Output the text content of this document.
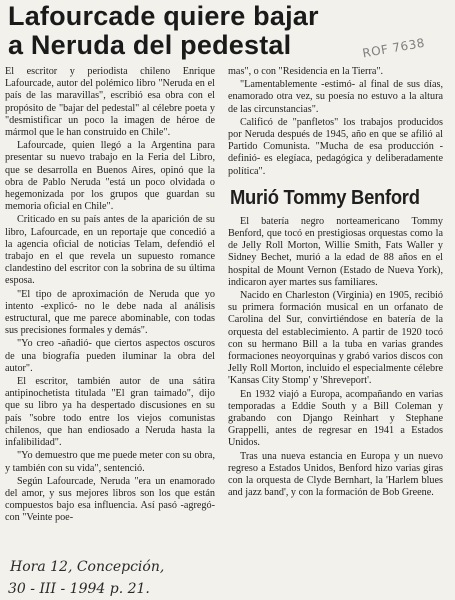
Lafourcade quiere bajar
a Neruda del pedestal	ROF 7638

El escritor y periodista chileno Enrique Lafourcade, autor del polémico libro "Neruda en el país de las maravillas", escribió esa obra con el propósito de "bajar del pedestal" al célebre poeta y "desmistificar un poco la imagen de héroe de mármol que le han construido en Chile".

Lafourcade, quien llegó a la Argentina para presentar su nuevo trabajo en la Feria del Libro, que se desarrolla en Buenos Aires, opinó que la obra de Pablo Neruda "está un poco olvidada o hegemonizada por los grupos que guardan su memoria oficial en Chile".

Criticado en su país antes de la aparición de su libro, Lafourcade, en un reportaje que concedió a la agencia oficial de noticias Telam, defendió el trabajo en el que revela un supuesto romance clandestino del escritor con la sobrina de su última esposa.

"El tipo de aproximación de Neruda que yo intento -explicó- no le debe nada al análisis estructural, que me parece abominable, con todas sus precisiones formales y demás".

"Yo creo -añadió- que ciertos aspectos oscuros de una biografía pueden iluminar la obra del autor".

El escritor, también autor de una sátira antipinochetista titulada "El gran taimado", dijo que su libro ya ha despertado discusiones en su país "sobre todo entre los viejos comunistas chilenos, que han endiosado a Neruda hasta la infalibilidad".

"Yo demuestro que me puede meter con su obra, y también con su vida", sentenció.

Según Lafourcade, Neruda "era un enamorado del amor, y sus mejores libros son los que están compuestos bajo esa influencia. Así pasó -agregó- con "Veinte poe-

mas", o con "Residencia en la Tierra".

"Lamentablemente -estimó- al final de sus días, enamorado otra vez, su poesía no estuvo a la altura de las circunstancias".

Calificó de "panfletos" los trabajos producidos por Neruda después de 1945, año en que se afilió al Partido Comunista. "Mucha de esa producción -definió- es elegíaca, pedagógica y deliberadamente política".

Murió Tommy Benford

El batería negro norteamericano Tommy Benford, que tocó en prestigiosas orquestas como la de Jelly Roll Morton, Willie Smith, Fats Waller y Sidney Bechet, murió a la edad de 88 años en el hospital de Mount Vernon (Estado de Nueva York), indicaron ayer martes sus familiares.

Nacido en Charleston (Virginia) en 1905, recibió su primera formación musical en un orfanato de Carolina del Sur, convirtiéndose en batería de la orquesta del establecimiento. A partir de 1920 tocó con su hermano Bill a la tuba en varias grandes formaciones neoyorquinas y grabó varios discos con Jelly Roll Morton, incluido el especialmente célebre 'Kansas City Stomp' y 'Shreveport'.

En 1932 viajó a Europa, acompañando en varias temporadas a Eddie South y a Bill Coleman y grabando con Django Reinhart y Stephane Grappelli, antes de regresar en 1941 a Estados Unidos.

Tras una nueva estancia en Europa y un nuevo regreso a Estados Unidos, Benford hizo varias giras con la orquesta de Clyde Bernhart, la 'Harlem blues and jazz band', y con la formación de Bob Greene.

Hora 12, Concepción,
30 - III - 1994 p. 21.
